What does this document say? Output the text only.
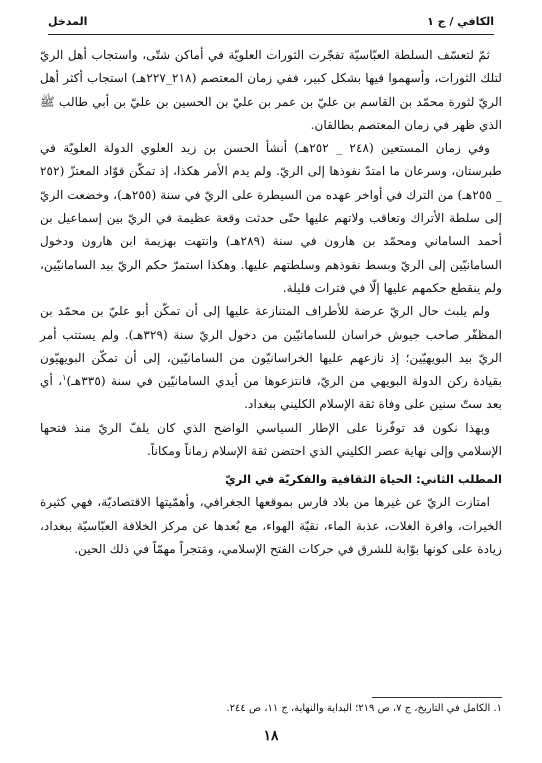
الكافي / ج ١
المدخل

ثمّ لتعسّف السلطة العبّاسيّة تفجّرت الثورات العلويّة في أماكن شتّى، واستجاب أهل الريّ لتلك الثورات، وأسهموا فيها بشكل كبير، ففي زمان المعتصم (٢١٨_٢٢٧هـ) استجاب أكثر أهل الريّ لثورة محمّد بن القاسم بن عليّ بن عمر بن عليّ بن الحسين بن عليّ بن أبي طالب ﷺ الذي ظهر في زمان المعتصم بطالقان.

وفي زمان المستعين (٢٤٨ _ ٢٥٢هـ) أنشأ الحسن بن زيد العلوي الدولة العلويّة في طبرستان، وسرعان ما امتدّ نفوذها إلى الريّ. ولم يدم الأمر هكذا، إذ تمكّن قوّاد المعتزّ (٢٥٢ _ ٢٥٥هـ) من الترك في أواخر عهده من السيطرة على الريّ في سنة (٢٥٥هـ)، وخضعت الريّ إلى سلطة الأتراك وتعاقب ولاتهم عليها حتّى حدثت وقعة عظيمة في الريّ بين إسماعيل بن أحمد الساماني ومحمّد بن هارون في سنة (٢٨٩هـ) وانتهت بهزيمة ابن هارون ودخول السامانيّين إلى الريّ وبسط نفوذهم وسلطتهم عليها. وهكذا استمرّ حكم الريّ بيد السامانيّين، ولم ينقطع حكمهم عليها إلّا في فترات قليلة.

ولم يلبث حال الريّ عرضة للأطراف المتنازعة عليها إلى أن تمكّن أبو عليّ بن محمّد بن المظفّر صاحب جيوش خراسان للسامانيّين من دخول الريّ سنة (٣٢٩هـ). ولم يستتب أمر الريّ بيد البويهيّين؛ إذ نازعهم عليها الخراسانيّون من السامانيّين، إلى أن تمكّن البويهيّون بقيادة ركن الدولة البويهي من الريّ، فانتزعوها من أيدي السامانيّين في سنة (٣٣٥هـ)$^١$، أي بعد ستّ سنين على وفاة ثقة الإسلام الكليني ببغداد.

وبهذا نكون قد توفّرنا على الإطار السياسي الواضح الذي كان يلفّ الريّ منذ فتحها الإسلامي وإلى نهاية عصر الكليني الذي احتضن ثقة الإسلام زماناً ومكاناً.

المطلب الثاني: الحياة الثقافية والفكريّة في الريّ

امتازت الريّ عن غيرها من بلاد فارس بموقعها الجغرافي، وأهمّيتها الاقتصاديّة، فهي كثيرة الخيرات، وافرة الغلات، عذبة الماء، نقيّة الهواء، مع بُعدها عن مركز الخلافة العبّاسيّة ببغداد، زيادة على كونها بوّابة للشرق في حركات الفتح الإسلامي، ومَتجراً مهمّاً في ذلك الحين.

١. الكامل في التاريخ، ج ٧، ص ٢١٩؛ البداية والنهاية، ج ١١، ص ٢٤٤.
١٨
